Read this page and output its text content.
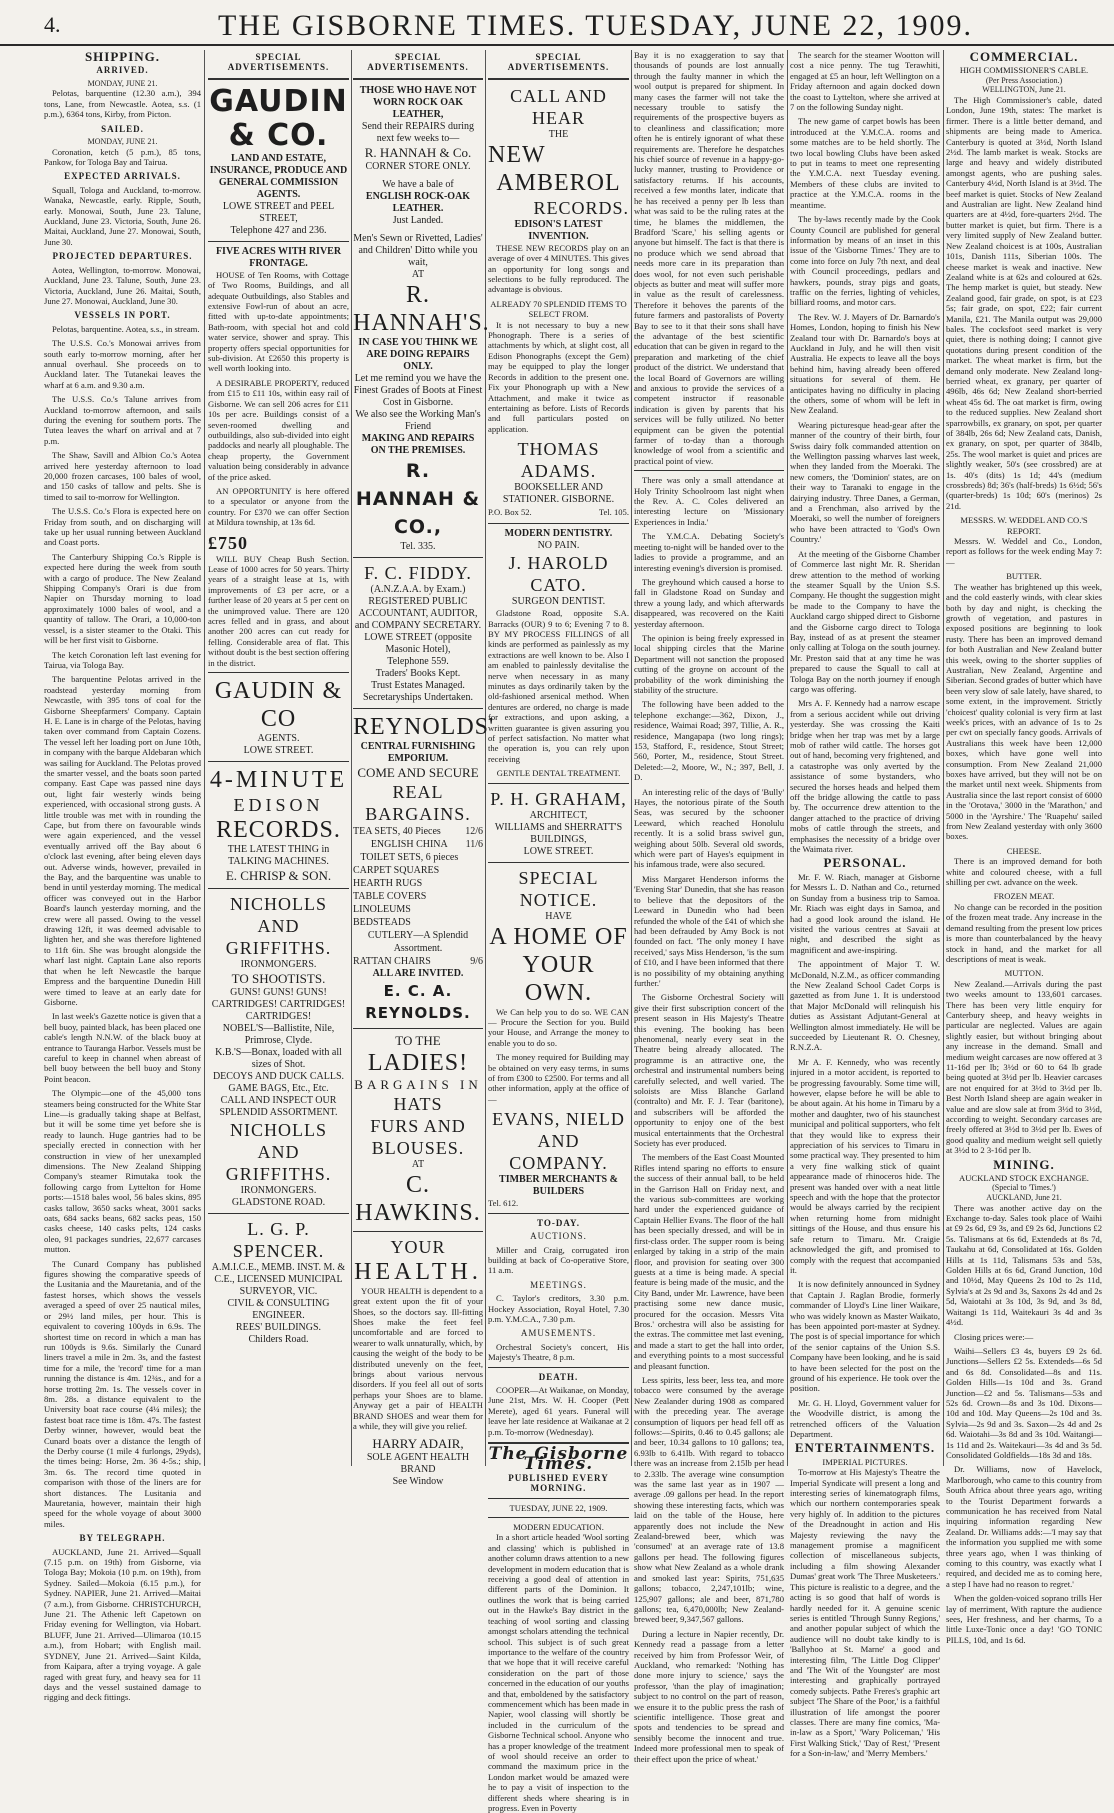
4.	THE GISBORNE TIMES. TUESDAY, JUNE 22, 1909.
SHIPPING.
ARRIVED.
MONDAY, JUNE 21.

Pelotas, barquentine (12.30 a.m.), 394 tons, Lane, from Newcastle. Aotea, s.s. (1 p.m.), 6364 tons, Kirby, from Picton.

SAILED.
MONDAY, JUNE 21.

Coronation, ketch (5 p.m.), 85 tons, Pankow, for Tologa Bay and Tairua.

EXPECTED ARRIVALS.

Squall, Tologa and Auckland, to-morrow. Wanaka, Newcastle, early. Ripple, South, early. Monowai, South, June 23. Talune, Auckland, June 23. Victoria, South, June 26. Maitai, Auckland, June 27. Monowai, South, June 30.

PROJECTED DEPARTURES.

Aotea, Wellington, to-morrow. Monowai, Auckland, June 23. Talune, South, June 23. Victoria, Auckland, June 26. Maitai, South, June 27. Monowai, Auckland, June 30.

VESSELS IN PORT.

Pelotas, barquentine. Aotea, s.s., in stream.

The U.S.S. Co.'s Monowai arrives from south early to-morrow morning, after her annual overhaul. She proceeds on to Auckland later. The Tutanekai leaves the wharf at 6 a.m. and 9.30 a.m.

The U.S.S. Co.'s Talune arrives from Auckland to-morrow afternoon, and sails during the evening for southern ports. The Tutea leaves the wharf on arrival and at 7 p.m.

The Shaw, Savill and Albion Co.'s Aotea arrived here yesterday afternoon to load 20,000 frozen carcases, 100 bales of wool, and 150 casks of tallow and pelts. She is timed to sail to-morrow for Wellington.

The U.S.S. Co.'s Flora is expected here on Friday from south, and on discharging will take up her usual running between Auckland and Coast ports.

The Canterbury Shipping Co.'s Ripple is expected here during the week from south with a cargo of produce. The New Zealand Shipping Company's Orari is due from Napier on Thursday morning to load approximately 1000 bales of wool, and a quantity of tallow. The Orari, a 10,000-ton vessel, is a sister steamer to the Otaki. This will be her first visit to Gisborne.

The ketch Coronation left last evening for Tairua, via Tologa Bay.

The barquentine Pelotas arrived in the roadstead yesterday morning from Newcastle, with 395 tons of coal for the Gisborne Sheepfarmers' Company. Captain H. E. Lane is in charge of the Pelotas, having taken over command from Captain Cozens. The vessel left her loading port on June 10th, in company with the barque Aldebaran which was sailing for Auckland. The Pelotas proved the smarter vessel, and the boats soon parted company. East Cape was passed nine days out, light fair westerly winds being experienced, with occasional strong gusts. A little trouble was met with in rounding the Cape, but from there on favourable winds were again experienced, and the vessel eventually arrived off the Bay about 6 o'clock last evening, after being eleven days out. Adverse winds, however, prevailed in the Bay, and the barquentine was unable to bend in until yesterday morning. The medical officer was conveyed out in the Harbor Board's launch yesterday morning, and the crew were all passed. Owing to the vessel drawing 12ft, it was deemed advisable to lighten her, and she was therefore lightened to 11ft 6in. She was brought alongside the wharf last night. Captain Lane also reports that when he left Newcastle the barque Empress and the barquentine Dunedin Hill were timed to leave at an early date for Gisborne.

In last week's Gazette notice is given that a bell buoy, painted black, has been placed one cable's length N.N.W. of the black buoy at entrance to Tauranga Harbor. Vessels must be careful to keep in channel when abreast of bell buoy between the bell buoy and Stony Point beacon.

The Olympic—one of the 45,000 tons steamers being constructed for the White Star Line—is gradually taking shape at Belfast, but it will be some time yet before she is ready to launch. Huge gantries had to be specially erected in connection with her construction in view of her unexampled dimensions. The New Zealand Shipping Company's steamer Rimutaka took the following cargo from Lyttelton for Home ports:—1518 bales wool, 56 bales skins, 895 casks tallow, 3650 sacks wheat, 3001 sacks oats, 684 sacks beans, 682 sacks peas, 150 casks cheese, 140 casks pelts, 124 casks oleo, 91 packages sundries, 22,677 carcases mutton.

The Cunard Company has published figures showing the comparative speeds of the Lusitania and the Mauretania, and of the fastest horses, which shows the vessels averaged a speed of over 25 nautical miles, or 29½ land miles, per hour. This is equivalent to covering 100yds in 6.9s. The shortest time on record in which a man has run 100yds is 9.6s. Similarly the Cunard liners travel a mile in 2m. 3s, and the fastest time for a mile, the 'record' time for a man running the distance is 4m. 12¾s., and for a horse trotting 2m. 1s. The vessels cover in 8m. 28s. a distance equivalent to the University boat race course (4¼ miles); the fastest boat race time is 18m. 47s. The fastest Derby winner, however, would beat the Cunard boats over a distance the length of the Derby course (1 mile 4 furlongs, 29yds), the times being: Horse, 2m. 36 4-5s.; ship, 3m. 6s. The record time quoted in comparison with those of the liners are for short distances. The Lusitania and Mauretania, however, maintain their high speed for the whole voyage of about 3000 miles.

BY TELEGRAPH.

AUCKLAND, June 21. Arrived—Squall (7.15 p.m. on 19th) from Gisborne, via Tologa Bay; Mokoia (10 p.m. on 19th), from Sydney. Sailed—Mokoia (6.15 p.m.), for Sydney. NAPIER, June 21. Arrived—Maitai (7 a.m.), from Gisborne. CHRISTCHURCH, June 21. The Athenic left Capetown on Friday evening for Wellington, via Hobart. BLUFF, June 21. Arrived—Ulimaroa (10.15 a.m.), from Hobart; with English mail. SYDNEY, June 21. Arrived—Saint Kilda, from Kaipara, after a trying voyage. A gale raged with great fury, and heavy sea for 11 days and the vessel sustained damage to rigging and deck fittings.

SPECIAL ADVERTISEMENTS.
GAUDIN & CO.
LAND AND ESTATE, INSURANCE, PRODUCE AND GENERAL COMMISSION AGENTS.
LOWE STREET and PEEL STREET,
Telephone 427 and 236.
FIVE ACRES WITH RIVER FRONTAGE.

HOUSE of Ten Rooms, with Cottage of Two Rooms, Buildings, and all adequate Outbuildings, also Stables and extensive Fowl-run of about an acre, fitted with up-to-date appointments; Bath-room, with special hot and cold water service, shower and spray. This property offers special opportunities for sub-division. At £2650 this property is well worth looking into.

A DESIRABLE PROPERTY, reduced from £15 to £11 10s, within easy rail of Gisborne. We can sell 206 acres for £11 10s per acre. Buildings consist of a seven-roomed dwelling and outbuildings, also sub-divided into eight paddocks and nearly all ploughable. The cheap property, the Government valuation being considerably in advance of the price asked.

AN OPPORTUNITY is here offered to a speculator or anyone from the country. For £370 we can offer Section at Mildura township, at 13s 6d.

£750

WILL BUY Cheap Bush Section. Lease of 1000 acres for 50 years. Thirty years of a straight lease at 1s, with improvements of £3 per acre, or a further lease of 20 years at 5 per cent on the unimproved value. There are 120 acres felled and in grass, and about another 200 acres can cut ready for felling. Considerable area of flat. This without doubt is the best section offering in the district.

GAUDIN & CO
AGENTS.
LOWE STREET.
4-MINUTE
EDISON
RECORDS.
THE LATEST THING in TALKING MACHINES.
E. CHRISP & SON.
NICHOLLS AND GRIFFITHS.
IRONMONGERS.
TO SHOOTISTS.
GUNS! GUNS! GUNS!
CARTRIDGES! CARTRIDGES! CARTRIDGES!
NOBEL'S—Ballistite, Nile, Primrose, Clyde.
K.B.'S—Bonax, loaded with all sizes of Shot.
DECOYS AND DUCK CALLS.
GAME BAGS, Etc., Etc.
CALL AND INSPECT OUR SPLENDID ASSORTMENT.
NICHOLLS AND GRIFFITHS.
IRONMONGERS.
GLADSTONE ROAD.
L. G. P. SPENCER.
A.M.I.C.E., MEMB. INST. M. & C.E., LICENSED MUNICIPAL SURVEYOR, VIC.
CIVIL & CONSULTING ENGINEER.
REES' BUILDINGS.
Childers Road.
SPECIAL ADVERTISEMENTS.
THOSE WHO HAVE NOT WORN ROCK OAK LEATHER,
Send their REPAIRS during next few weeks to—
R. HANNAH & Co.
CORNER STORE ONLY.
We have a bale of
ENGLISH ROCK-OAK LEATHER.
Just Landed.
Men's Sewn or Rivetted, Ladies' and Children' Ditto while you wait,
AT
R. HANNAH'S.
IN CASE YOU THINK WE ARE DOING REPAIRS ONLY.
Let me remind you we have the Finest Grades of Boots at Finest Cost in Gisborne.
We also see the Working Man's Friend
MAKING AND REPAIRS ON THE PREMISES.
R. HANNAH & CO.,
Tel. 335.
F. C. FIDDY.
(A.N.Z.A.A. by Exam.)
REGISTERED PUBLIC ACCOUNTANT, AUDITOR, and COMPANY SECRETARY.
LOWE STREET (opposite Masonic Hotel),
Telephone 559.
Traders' Books Kept.
Trust Estates Managed.
Secretaryships Undertaken.
REYNOLDS'
CENTRAL FURNISHING EMPORIUM.
COME AND SECURE
REAL BARGAINS.
TEA SETS, 40 Pieces 12/6
ENGLISH CHINA TOILET SETS, 6 pieces
11/6
CARPET SQUARES
HEARTH RUGS
TABLE COVERS
LINOLEUMS
BEDSTEADS
CUTLERY—A Splendid Assortment.
RATTAN CHAIRS	9/6
ALL ARE INVITED.
E. C. A. REYNOLDS.
TO THE
LADIES!
BARGAINS IN
HATS
FURS AND
BLOUSES.
AT
C. HAWKINS.
YOUR
HEALTH.

YOUR HEALTH is dependent to a great extent upon the fit of your Shoes, so the doctors say. Ill-fitting Shoes make the feet feel uncomfortable and are forced to wearer to walk unnaturally, which, by causing the weight of the body to be distributed unevenly on the feet, brings about various nervous disorders. If you feel all out of sorts perhaps your Shoes are to blame. Anyway get a pair of HEALTH BRAND SHOES and wear them for a while, they will give you relief.

HARRY ADAIR,
SOLE AGENT HEALTH BRAND
See Window
SPECIAL ADVERTISEMENTS.
CALL AND HEAR
THE
NEW
AMBEROL
RECORDS.
EDISON'S LATEST INVENTION.

THESE NEW RECORDS play on an average of over 4 MINUTES. This gives an opportunity for long songs and selections to be fully reproduced. The advantage is obvious.

ALREADY 70 SPLENDID ITEMS TO SELECT FROM.

It is not necessary to buy a new Phonograph. There is a series of attachments by which, at slight cost, all Edison Phonographs (except the Gem) may be equipped to play the longer Records in addition to the present one. Fix your Phonograph up with a New Attachment, and make it twice as entertaining as before. Lists of Records and full particulars posted on application.

THOMAS ADAMS.
BOOKSELLER AND STATIONER. GISBORNE.
P.O. Box 52.	Tel. 105.
MODERN DENTISTRY.
NO PAIN.
J. HAROLD CATO.
SURGEON DENTIST.

Gladstone Road, opposite S.A. Barracks (OUR) 9 to 6; Evening 7 to 8. BY MY PROCESS FILLINGS of all kinds are performed as painlessly as my extractions are well known to be. Also I am enabled to painlessly devitalise the nerve when necessary in as many minutes as days ordinarily taken by the old-fashioned arsenical method. When dentures are ordered, no charge is made for extractions, and upon asking, a written guarantee is given assuring you of perfect satisfaction. No matter what the operation is, you can rely upon receiving

GENTLE DENTAL TREATMENT.
P. H. GRAHAM,
ARCHITECT,
WILLIAMS and SHERRATT'S
BUILDINGS,
LOWE STREET.
SPECIAL NOTICE.
HAVE
A HOME OF
YOUR OWN.

We Can help you to do so. WE CAN— Procure the Section for you. Build your House, and Arrange the money to enable you to do so.

The money required for Building may be obtained on very easy terms, in sums of from £300 to £2500. For terms and all other information, apply at the office of—

EVANS, NIELD AND COMPANY.
TIMBER MERCHANTS & BUILDERS
Tel. 612.
TO-DAY.
AUCTIONS.

Miller and Craig, corrugated iron building at back of Co-operative Store, 11 a.m.

MEETINGS.

C. Taylor's creditors, 3.30 p.m. Hockey Association, Royal Hotel, 7.30 p.m. Y.M.C.A., 7.30 p.m.

AMUSEMENTS.

Orchestral Society's concert, His Majesty's Theatre, 8 p.m.

DEATH.

COOPER—At Waikanae, on Monday, June 21st, Mrs. W. H. Cooper (Pett Merete), aged 61 years. Funeral will leave her late residence at Waikanae at 2 p.m. To-morrow (Wednesday).

The Gisborne Times.
PUBLISHED EVERY MORNING.
TUESDAY, JUNE 22, 1909.
MODERN EDUCATION.

In a short article headed 'Wool sorting and classing' which is published in another column draws attention to a new development in modern education that is receiving a good deal of attention in different parts of the Dominion. It outlines the work that is being carried out in the Hawke's Bay district in the teaching of wool sorting and classing amongst scholars attending the technical school. This subject is of such great importance to the welfare of the country that we hope that it will receive careful consideration on the part of those concerned in the education of our youths and that, emboldened by the satisfactory commencement which has been made in Napier, wool classing will shortly be included in the curriculum of the Gisborne Technical school. Anyone who has a proper knowledge of the treatment of wool should receive an order to command the maximum price in the London market would be amazed were he to pay a visit of inspection to the different sheds where shearing is in progress. Even in Poverty

Bay it is no exaggeration to say that thousands of pounds are lost annually through the faulty manner in which the wool output is prepared for shipment. In many cases the farmer will not take the necessary trouble to satisfy the requirements of the prospective buyers as to cleanliness and classification; more often he is entirely ignorant of what these requirements are. Therefore he despatches his chief source of revenue in a happy-go-lucky manner, trusting to Providence or satisfactory returns. If his accounts, received a few months later, indicate that he has received a penny per lb less than what was said to be the ruling rates at the time, he blames the middlemen, the Bradford 'Scare,' his selling agents or anyone but himself. The fact is that there is no produce which we send abroad that needs more care in its preparation than does wool, for not even such perishable objects as butter and meat will suffer more in value as the result of carelessness. Therefore it behoves the parents of the future farmers and pastoralists of Poverty Bay to see to it that their sons shall have the advantage of the best scientific education that can be given in regard to the preparation and marketing of the chief product of the district. We understand that the local Board of Governors are willing and anxious to provide the services of a competent instructor if reasonable indication is given by parents that his services will be fully utilized. No better equipment can be given the potential farmer of to-day than a thorough knowledge of wool from a scientific and practical point of view.

There was only a small attendance at Holy Trinity Schoolroom last night when the Rev. A. C. Coles delivered an interesting lecture on 'Missionary Experiences in India.'

The Y.M.C.A. Debating Society's meeting to-night will be handed over to the ladies to provide a programme, and an interesting evening's diversion is promised.

The greyhound which caused a horse to fall in Gladstone Road on Sunday and threw a young lady, and which afterwards disappeared, was recovered on the Kaiti yesterday afternoon.

The opinion is being freely expressed in local shipping circles that the Marine Department will not sanction the proposed cutting of the groyne on account of the probability of the work diminishing the stability of the structure.

The following have been added to the telephone exchange:—362, Dixon, J., residence, Waimai Road; 397, Tillie, A. R., residence, Mangapapa (two long rings); 153, Stafford, F., residence, Stout Street; 560, Porter, M., residence, Stout Street. Deleted:—2, Moore, W., N.; 397, Bell, J. D.

An interesting relic of the days of 'Bully' Hayes, the notorious pirate of the South Seas, was secured by the schooner Leeward, which reached Honolulu recently. It is a solid brass swivel gun, weighing about 50lb. Several old swords, which were part of Hayes's equipment in his infamous trade, were also secured.

Miss Margaret Henderson informs the 'Evening Star' Dunedin, that she has reason to believe that the depositors of the Leeward in Dunedin who had been refunded the whole of the £41 of which she had been defrauded by Amy Bock is not founded on fact. 'The only money I have received,' says Miss Henderson, 'is the sum of £10, and I have been informed that there is no possibility of my obtaining anything further.'

The Gisborne Orchestral Society will give their first subscription concert of the present season in His Majesty's Theatre this evening. The booking has been phenomenal, nearly every seat in the Theatre being already allocated. The programme is an attractive one, the orchestral and instrumental numbers being carefully selected, and well varied. The soloists are Miss Blanche Garland (contralto) and Mr. F. J. Tear (baritone), and subscribers will be afforded the opportunity to enjoy one of the best musical entertainments that the Orchestral Society has ever produced.

The members of the East Coast Mounted Rifles intend sparing no efforts to ensure the success of their annual ball, to be held in the Garrison Hall on Friday next, and the various sub-committees are working hard under the experienced guidance of Captain Hellier Evans. The floor of the hall has been specially dressed, and will be in first-class order. The supper room is being enlarged by taking in a strip of the main floor, and provision for seating over 300 guests at a time is being made. A special feature is being made of the music, and the City Band, under Mr. Lawrence, have been practising some new dance music, procured for the occasion. Messrs Vita Bros.' orchestra will also be assisting for the extras. The committee met last evening, and made a start to get the hall into order, and everything points to a most successful and pleasant function.

Less spirits, less beer, less tea, and more tobacco were consumed by the average New Zealander during 1908 as compared with the preceding year. The average consumption of liquors per head fell off as follows:—Spirits, 0.46 to 0.45 gallons; ale and beer, 10.34 gallons to 10 gallons; tea, 6.93lb to 6.41lb. With regard to tobacco there was an increase from 2.15lb per head to 2.33lb. The average wine consumption was the same last year as in 1907 —average .09 gallons per head. In the report showing these interesting facts, which was laid on the table of the House, here apparently does not include the New Zealand-brewed beer, which was 'consumed' at an average rate of 13.8 gallons per head. The following figures show what New Zealand as a whole drank and smoked last year: Spirits, 751,635 gallons; tobacco, 2,247,101lb; wine, 125,907 gallons; ale and beer, 871,780 gallons; tea, 6,470,000lb; New Zealand-brewed beer, 9,347,567 gallons.

During a lecture in Napier recently, Dr. Kennedy read a passage from a letter received by him from Professor Weir, of Auckland, who remarked: 'Nothing has done more injury to science,' says the professor, 'than the play of imagination; subject to no control on the part of reason, we ensure it to the public press the rash of scientific intelligence. Those great and spots and tendencies to be spread and sensibly become the innocent and true. Indeed more professional men to speak of their effect upon the price of wheat.'

The search for the steamer Wootton will cost a nice penny. The tug Terawhiti, engaged at £5 an hour, left Wellington on a Friday afternoon and again docked down the coast to Lyttelton, where she arrived at 7 on the following Sunday night.

The new game of carpet bowls has been introduced at the Y.M.C.A. rooms and some matches are to be held shortly. The two local bowling Clubs have been asked to put in teams to meet one representing the Y.M.C.A. next Tuesday evening. Members of these clubs are invited to practice at the Y.M.C.A. rooms in the meantime.

The by-laws recently made by the Cook County Council are published for general information by means of an inset in this issue of the 'Gisborne Times.' They are to come into force on July 7th next, and deal with Council proceedings, pedlars and hawkers, pounds, stray pigs and goats, traffic on the ferries, lighting of vehicles, billiard rooms, and motor cars.

The Rev. W. J. Mayers of Dr. Barnardo's Homes, London, hoping to finish his New Zealand tour with Dr. Barnardo's boys at Auckland in July, and he will then visit Australia. He expects to leave all the boys behind him, having already been offered situations for several of them. He anticipates having no difficulty in placing the others, some of whom will be left in New Zealand.

Wearing picturesque head-gear after the manner of the country of their birth, four Swiss dairy folk commanded attention on the Wellington passing wharves last week, when they landed from the Moeraki. The new comers, the 'Dominion' states, are on their way to Taranaki to engage in the dairying industry. Three Danes, a German, and a Frenchman, also arrived by the Moeraki, so well the number of foreigners who have been attracted to 'God's Own Country.'

At the meeting of the Gisborne Chamber of Commerce last night Mr. R. Sheridan drew attention to the method of working the steamer Squall by the Union S.S. Company. He thought the suggestion might be made to the Company to have the Auckland cargo shipped direct to Gisborne and the Gisborne cargo direct to Tologa Bay, instead of as at present the steamer only calling at Tologa on the south journey. Mr. Preston said that at any time he was prepared to cause the Squall to call at Tologa Bay on the north journey if enough cargo was offering.

Mrs A. F. Kennedy had a narrow escape from a serious accident while out driving yesterday. She was crossing the Kaiti bridge when her trap was met by a large mob of rather wild cattle. The horses got out of hand, becoming very frightened, and a catastrophe was only averted by the assistance of some bystanders, who secured the horses heads and helped them off the bridge allowing the cattle to pass by. The occurrence drew attention to the danger attached to the practice of driving mobs of cattle through the streets, and emphasises the necessity of a bridge over the Waimata river.

PERSONAL.

Mr. F. W. Riach, manager at Gisborne for Messrs L. D. Nathan and Co., returned on Sunday from a business trip to Samoa. Mr. Riach was eight days in Samoa, and had a good look around the island. He visited the various centres at Savaii at night, and described the sight as magnificent and awe-inspiring.

The appointment of Major T. W. McDonald, N.Z.M., as officer commanding the New Zealand School Cadet Corps is gazetted as from June 1. It is understood that Major McDonald will relinquish his duties as Assistant Adjutant-General at Wellington almost immediately. He will be succeeded by Lieutenant R. O. Chesney, R.N.Z.A.

Mr A. F. Kennedy, who was recently injured in a motor accident, is reported to be progressing favourably. Some time will, however, elapse before he will be able to be about again. At his home in Timaru by a mother and daughter, two of his staunchest municipal and political supporters, who felt that they would like to express their appreciation of his services to Timaru in some practical way. They presented to him a very fine walking stick of quaint appearance made of rhinoceros hide. The present was handed over with a neat little speech and with the hope that the protector would be always carried by the recipient when returning home from midnight sittings of the House, and thus ensure his safe return to Timaru. Mr. Craigie acknowledged the gift, and promised to comply with the request that accompanied it.

It is now definitely announced in Sydney that Captain J. Raglan Brodie, formerly commander of Lloyd's Line liner Waikare, who was widely known as Master Waikato, has been appointed port-master at Sydney. The post is of special importance for which of the senior captains of the Union S.S. Company have been looking, and he is said to have been selected for the post on the ground of his experience. He took over the position.

Mr. G. H. Lloyd, Government valuer for the Woodville district, is among the retrenched officers of the Valuation Department.

ENTERTAINMENTS.
IMPERIAL PICTURES.

To-morrow at His Majesty's Theatre the Imperial Syndicate will present a long and interesting series of kinematograph films, which our northern contemporaries speak very highly of. In addition to the pictures of the Dreadnought in action and His Majesty reviewing the navy the management promise a magnificent collection of miscellaneous subjects, including a film showing Alexander Dumas' great work 'The Three Musketeers.' This picture is realistic to a degree, and the acting is so good that half of words is hardly needed for it. A genuine scenic series is entitled 'Through Sunny Regions,' and another popular subject of which the audience will no doubt take kindly to is 'Ballyhoo at St. Marne' a good and interesting film, 'The Little Dog Clipper' and 'The Wit of the Youngster' are most interesting and graphically portrayed comedy subjects. Pathe Freres's graphic art subject 'The Share of the Poor,' is a faithful illustration of life amongst the poorer classes. There are many fine comics, 'Ma-in-law as a Sport,' 'Wary Policeman,' 'His First Walking Stick,' 'Day of Rest,' 'Present for a Son-in-law,' and 'Merry Members.'

COMMERCIAL.
HIGH COMMISSIONER'S CABLE.
(Per Press Association.)
WELLINGTON, June 21.

The High Commissioner's cable, dated London, June 19th, states: The market is firmer. There is a little better demand, and shipments are being made to America. Canterbury is quoted at 3½d, North Island 2½d. The lamb market is weak. Stocks are large and heavy and widely distributed amongst agents, who are pushing sales. Canterbury 4½d, North Island is at 3½d. The beef market is quiet. Stocks of New Zealand and Australian are light. New Zealand hind quarters are at 4½d, fore-quarters 2½d. The butter market is quiet, but firm. There is a very limited supply of New Zealand butter. New Zealand choicest is at 100s, Australian 101s, Danish 111s, Siberian 100s. The cheese market is weak and inactive. New Zealand white is at 62s and coloured at 62s. The hemp market is quiet, but steady. New Zealand good, fair grade, on spot, is at £23 5s; fair grade, on spot, £22; fair current Manila, £21. The Manila output was 29,000 bales. The cocksfoot seed market is very quiet, there is nothing doing; I cannot give quotations during present condition of the market. The wheat market is firm, but the demand only moderate. New Zealand long-berried wheat, ex granary, per quarter of 496lb, 46s 6d; New Zealand short-berried wheat 45s 6d. The oat market is firm, owing to the reduced supplies. New Zealand short sparrowbills, ex granary, on spot, per quarter of 384lb, 26s 6d; New Zealand cats, Danish, ex granary, on spot, per quarter of 384lb, 25s. The wool market is quiet and prices are slightly weaker, 50's (see crossbred) are at 1s. 40's (dits) 1s 1d; 44's (medium crossbreds) 8d; 36's (half-breds) 1s 6½d; 56's (quarter-breds) 1s 10d; 60's (merinos) 2s 21d.

MESSRS. W. WEDDEL AND CO.'S REPORT.

Messrs. W. Weddel and Co., London, report as follows for the week ending May 7:—

BUTTER.

The weather has brightened up this week, and the cold easterly winds, with clear skies both by day and night, is checking the growth of vegetation, and pastures in exposed positions are beginning to look rusty. There has been an improved demand for both Australian and New Zealand butter this week, owing to the shorter supplies of Australian, New Zealand, Argentine and Siberian. Second grades of butter which have been very slow of sale lately, have shared, to some extent, in the improvement. Strictly 'choicest' quality colonial is very firm at last week's prices, with an advance of 1s to 2s per cwt on specially fancy goods. Arrivals of Australians this week have been 12,000 boxes, which have gone well into consumption. From New Zealand 21,000 boxes have arrived, but they will not be on the market until next week. Shipments from Australia since the last report consist of 6000 in the 'Orotava,' 3000 in the 'Marathon,' and 5000 in the 'Ayrshire.' The 'Ruapehu' sailed from New Zealand yesterday with only 3600 boxes.

CHEESE.

There is an improved demand for both white and coloured cheese, with a full shilling per cwt. advance on the week.

FROZEN MEAT.

No change can be recorded in the position of the frozen meat trade. Any increase in the demand resulting from the present low prices is more than counterbalanced by the heavy stock in hand, and the market for all descriptions of meat is weak.

MUTTON.

New Zealand.—Arrivals during the past two weeks amount to 133,601 carcases. There has been very little enquiry for Canterbury sheep, and heavy weights in particular are neglected. Values are again slightly easier, but without bringing about any increase in the demand. Small and medium weight carcases are now offered at 3 11-16d per lb; 3½d or 60 to 64 lb grade being quoted at 3½d per lb. Heavier carcases are not enquired for at 3½d to 3½d per lb. Best North Island sheep are again weaker in value and are slow sale at from 3½d to 3½d, according to weight. Secondary carcases are freely offered at 3½d to 3½d per lb. Ewes of good quality and medium weight sell quietly at 3½d to 2 3-16d per lb.

MINING.
AUCKLAND STOCK EXCHANGE.
(Special to 'Times.')
AUCKLAND, June 21.

There was another active day on the Exchange to-day. Sales took place of Waihi at £9 2s 6d, £9 3s, and £9 2s 6d, Junctions £2 5s. Talismans at 6s 6d, Extendeds at 8s 7d, Taukahu at 6d, Consolidated at 16s. Golden Hills at 1s 11d, Talismans 53s and 53s, Golden Hills at 6s 6d, Grand Junction, 10d and 10½d, May Queens 2s 10d to 2s 11d, Sylvia's at 2s 9d and 3s, Saxons 2s 4d and 2s 5d, Waiotahi at 3s 10d, 3s 9d, and 3s 8d, Waitangi 1s 11d, Waitekauri 3s 4d and 3s 4½d.

Closing prices were:—

Waihi—Sellers £3 4s, buyers £9 2s 6d. Junctions—Sellers £2 5s. Extendeds—6s 5d and 6s 8d. Consolidated—8s and 11s. Golden Hills—1s 10d and 3s. Grand Junction—£2 and 5s. Talismans—53s and 52s 6d. Crown—8s and 3s 10d. Dixons—10d and 10d. May Queens—2s 10d and 3s. Sylvia—2s 9d and 3s. Saxon—2s 4d and 2s 6d. Waiotahi—3s 8d and 3s 10d. Waitangi—1s 11d and 2s. Waitekauri—3s 4d and 3s 5d. Consolidated Goldfields—18s 3d and 18s.

Dr. Williams, now of Havelock, Marlborough, who came to this country from South Africa about three years ago, writing to the Tourist Department forwards a communication he has received from Natal inquiring information regarding New Zealand. Dr. Williams adds:—'I may say that the information you supplied me with some three years ago, when I was thinking of coming to this country, was exactly what I required, and decided me as to coming here, a step I have had no reason to regret.'

When the golden-voiced soprano trills Her lay of merriment, With rapture the audience sees, Her freshness, and her charms, To a little Luxe-Tonic once a day! 'GO TONIC PILLS, 10d, and 1s 6d.
